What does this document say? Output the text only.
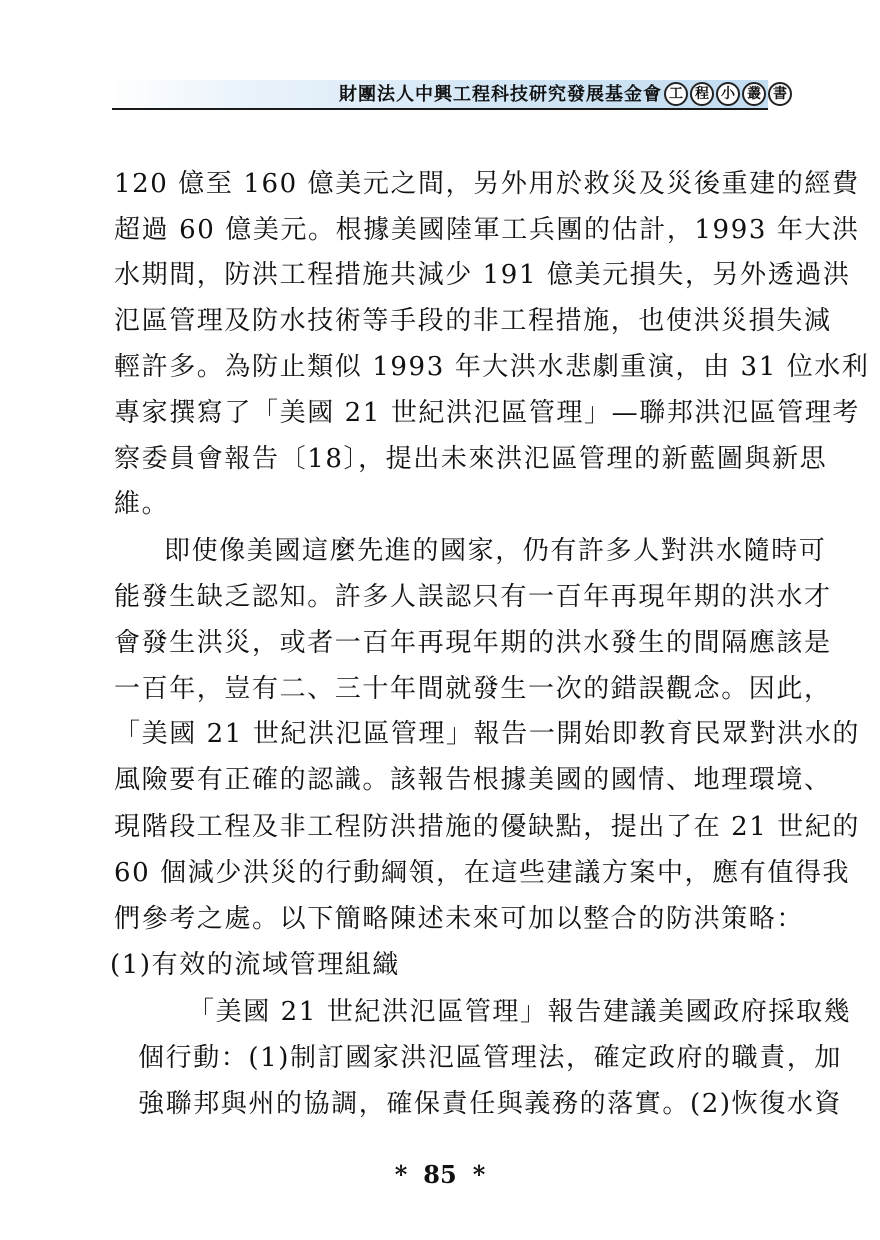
財團法人中興工程科技研究發展基金會 工 程 小 叢 書
120 億至 160 億美元之間，另外用於救災及災後重建的經費
超過 60 億美元。根據美國陸軍工兵團的估計，1993 年大洪
水期間，防洪工程措施共減少 191 億美元損失，另外透過洪
氾區管理及防水技術等手段的非工程措施，也使洪災損失減
輕許多。為防止類似 1993 年大洪水悲劇重演，由 31 位水利
專家撰寫了「美國 21 世紀洪氾區管理」—聯邦洪氾區管理考
察委員會報告〔18〕，提出未來洪氾區管理的新藍圖與新思
維。
即使像美國這麼先進的國家，仍有許多人對洪水隨時可
能發生缺乏認知。許多人誤認只有一百年再現年期的洪水才
會發生洪災，或者一百年再現年期的洪水發生的間隔應該是
一百年，豈有二、三十年間就發生一次的錯誤觀念。因此，
「美國 21 世紀洪氾區管理」報告一開始即教育民眾對洪水的
風險要有正確的認識。該報告根據美國的國情、地理環境、
現階段工程及非工程防洪措施的優缺點，提出了在 21 世紀的
60 個減少洪災的行動綱領，在這些建議方案中，應有值得我
們參考之處。以下簡略陳述未來可加以整合的防洪策略：
(1)有效的流域管理組織
「美國 21 世紀洪氾區管理」報告建議美國政府採取幾
個行動：(1)制訂國家洪氾區管理法，確定政府的職責，加
強聯邦與州的協調，確保責任與義務的落實。(2)恢復水資
* 85 *
